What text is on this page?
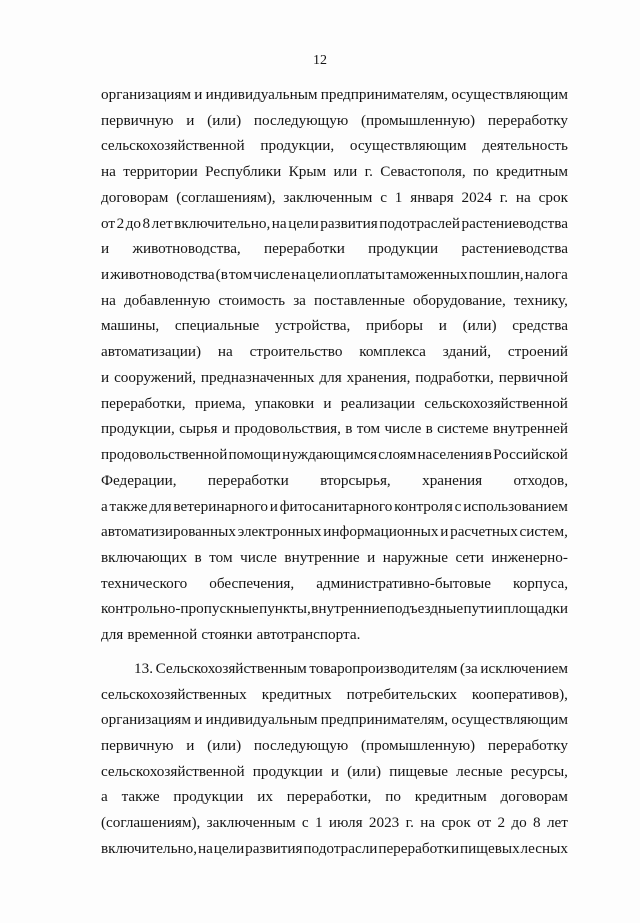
12
организациям и индивидуальным предпринимателям, осуществляющим
первичную и (или) последующую (промышленную) переработку
сельскохозяйственной продукции, осуществляющим деятельность
на территории Республики Крым или г. Севастополя, по кредитным
договорам (соглашениям), заключенным с 1 января 2024 г. на срок
от 2 до 8 лет включительно, на цели развития подотраслей растениеводства
и животноводства, переработки продукции растениеводства
и животноводства (в том числе на цели оплаты таможенных пошлин, налога
на добавленную стоимость за поставленные оборудование, технику,
машины, специальные устройства, приборы и (или) средства
автоматизации) на строительство комплекса зданий, строений
и сооружений, предназначенных для хранения, подработки, первичной
переработки, приема, упаковки и реализации сельскохозяйственной
продукции, сырья и продовольствия, в том числе в системе внутренней
продовольственной помощи нуждающимся слоям населения в Российской
Федерации, переработки вторсырья, хранения отходов,
а также для ветеринарного и фитосанитарного контроля с использованием
автоматизированных электронных информационных и расчетных систем,
включающих в том числе внутренние и наружные сети инженерно-
технического обеспечения, административно-бытовые корпуса,
контрольно-пропускные пункты, внутренние подъездные пути и площадки
для временной стоянки автотранспорта.
13. Сельскохозяйственным товаропроизводителям (за исключением
сельскохозяйственных кредитных потребительских кооперативов),
организациям и индивидуальным предпринимателям, осуществляющим
первичную и (или) последующую (промышленную) переработку
сельскохозяйственной продукции и (или) пищевые лесные ресурсы,
а также продукции их переработки, по кредитным договорам
(соглашениям), заключенным с 1 июля 2023 г. на срок от 2 до 8 лет
включительно, на цели развития подотрасли переработки пищевых лесных
